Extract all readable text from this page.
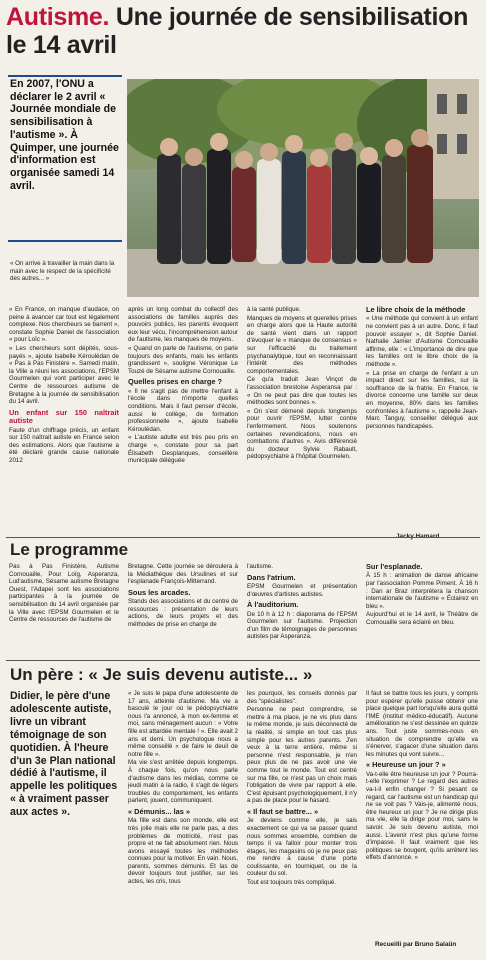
Autisme. Une journée de sensibilisation le 14 avril
En 2007, l'ONU a déclarer le 2 avril « Journée mondiale de sensibilisation à l'autisme ». À Quimper, une journée d'information est organisée samedi 14 avril.
« On arrive à travailler la main dans la main avec le respect de la spécificité des autres... »

« En France, on manque d'audace, on peine à avancer car tout est légalement complexe. Nos chercheurs se barrent », constate Sophie Daniel de l'association « pour Loïc ».

« Les chercheurs sont dépités, sous-payés », ajoute Isabelle Kéroulédan de « Pas à Pas Finistère ». Samedi matin, la Ville a réuni les associations, l'EPSM Gourmelen qui vont participer avec le Centre de ressources autisme de Bretagne à la journée de sensibilisation du 14 avril.

Un enfant sur 150 naîtrait autiste

Faute d'un chiffrage précis, un enfant sur 150 naîtrait autiste en France selon des estimations. Alors que l'autisme a été déclaré grande cause nationale 2012

après un long combat du collectif des associations de familles auprès des pouvoirs publics, les parents évoquent eux leur vécu, l'incompréhension autour de l'autisme, les manques de moyens.

« Quand on parle de l'autisme, on parle toujours des enfants, mais les enfants grandissent », souligne Véronique Le Touzé de Sésame autisme Cornouaille.

Quelles prises en charge ?

« Il ne s'agit pas de mettre l'enfant à l'école dans n'importe quelles conditions. Mais il faut penser d'école, aussi le collège, de formation professionnelle », ajoute Isabelle Kéroulédan.

« L'autiste adulte est très peu pris en charge », constate pour sa part Élisabeth Desplanques, conseillère municipale déléguée

à la santé publique.

Manques de moyens et querelles prises en charge alors que la Haute autorité de santé vient dans un rapport d'évoquer le « manque de consensus » sur l'efficacité du traitement psychanalytique, tout en reconnaissant l'intérêt des méthodes comportementales.

Ce qu'a traduit Jean Vinçot de l'association brestoise Asperansa par : « On ne peut pas dire que toutes les méthodes sont bonnes ».

« On s'est démené depuis longtemps pour ouvrir l'EPSM, lutter contre l'enfermement. Nous soutenons certaines revendications, nous en combattons d'autres ». Avis différencié du docteur Sylvie Rabault, pédopsychiatre à l'hôpital Gourmelen.

Le libre choix de la méthode

« Une méthode qui convient à un enfant ne convient pas à un autre. Donc, il faut pouvoir essayer », dit Sophie Daniel. Nathalie Jamier d'Autisme Cornouaille affirme, elle : « L'importance de dire que les familles ont le libre choix de la méthode ».

« La prise en charge de l'enfant a un impact direct sur les familles, sur la souffrance de la fratrie. En France, le divorce concerne une famille sur deux en moyenne, 80% dans les familles confrontées à l'autisme », rappelle Jean-Marc Tanguy, conseiller délégué aux personnes handicapées.

Le programme

Pas à Pas Finistère, Autisme Cornouaille, Pour Loïg, Asperanza, Lud'autisme, Sésame autisme Bretagne Ouest, l'Adapei sont les associations participantes à la journée de sensibilisation du 14 avril organisée par la Ville avec l'EPSM Gourmelen et le Centre de ressources de l'autisme de

Bretagne. Cette journée se déroulera à la Médiathèque des Ursulines et sur l'esplanade François-Mitterrand.

Sous les arcades.

Stands des associations et du centre de ressources : présentation de leurs actions, de leurs projets et des méthodes de prise en charge de

l'autisme.

Dans l'atrium.

EPSM Gourmelen et présentation d'œuvres d'artistes autistes.

À l'auditorium.

De 10 h à 12 h : diaporama de l'EPSM Gourmelen sur l'autisme. Projection d'un film de témoignages de personnes autistes par Asperanza.

Sur l'esplanade.

À 15 h : animation de danse africaine par l'association Pomme Piment. À 16 h : Dan ar Braz interprètera la chanson internationale de l'autisme « Éclairez en bleu ».

Aujourd'hui et le 14 avril, le Théâtre de Cornouaille sera éclairé en bleu.

Un père : « Je suis devenu autiste... »
Didier, le père d'une adolescente autiste, livre un vibrant témoignage de son quotidien. À l'heure d'un 3e Plan national dédié à l'autisme, il appelle les politiques « à vraiment passer aux actes ».

« Je suis le papa d'une adolescente de 17 ans, atteinte d'autisme. Ma vie a basculé le jour où le pédopsychiatre nous l'a annoncé, à mon ex-femme et moi, sans ménagement aucun : « Votre fille est attardée mentale ! ». Elle avait 2 ans et demi. Un psychologue nous a même conseillé « de faire le deuil de notre fille ».

Ma vie s'est arrêtée depuis longtemps. À chaque fois, qu'on nous parle d'autisme dans les médias, comme ce jeudi matin à la radio, il s'agit de légers troubles du comportement, les enfants parlent, jouent, communiquent.

« Démunis... las »

Ma fille est dans son monde, elle est très jolie mais elle ne parle pas, a des problèmes de motricité, n'est pas propre et ne fait absolument rien. Nous avons essayé toutes les méthodes connues pour la motiver. En vain. Nous, parents, sommes démunis. Et las de devoir toujours tout justifier, sur les actes, les cris, tous

les pourquoi, les conseils donnés par des "spécialistes".

Personne ne peut comprendre, se mettre à ma place, je ne vis plus dans le même monde, je suis déconnecté de la réalité, si simple en tout cas plus simple pour les autres parents. J'en veux à la terre entière, même si personne n'est responsable, je n'en peux plus de ne pas avoir une vie comme tout le monde. Tout est centré sur ma fille, ce n'est pas un choix mais l'obligation de vivre par rapport à elle. C'est épuisant psychologiquement, il n'y a pas de place pour le hasard.

« Il faut se battre... »

Je deviens comme elle, je sais exactement ce qui va se passer quand nous sommes ensemble, combien de temps il va falloir pour monter trois étages, les magasins où je ne peux pas me rendre à cause d'une porte coulissante, en tourniquet, ou de la couleur du sol.

Tout est toujours très compliqué.

Il faut se battre tous les jours, y compris pour espérer qu'elle puisse obtenir une place quelque part lorsqu'elle aura quitté l'IME (institut médico-éducatif). Aucune amélioration ne s'est dessinée en quinze ans. Tout juste sommes-nous en situation de comprendre qu'elle va s'énerver, s'agacer d'une situation dans les minutes qui vont suivre...

« Heureuse un jour ? »

Va-t-elle être heureuse un jour ? Pourra-t-elle l'exprimer ? Le regard des autres va-t-il enfin changer ? Si pesant ce regard, car l'autisme est un handicap qui ne se voit pas ? Vais-je, alimenté nous, être heureux un jour ? Je ne dirige plus ma vie, elle la dirige pour moi, sans le savoir. Je suis devenu autiste, moi aussi. L'avenir n'est plus qu'une forme d'impasse. Il faut vraiment que les politiques se bougent, qu'ils arrêtent les effets d'annonce. »

Recueilli par Bruno Salaün
